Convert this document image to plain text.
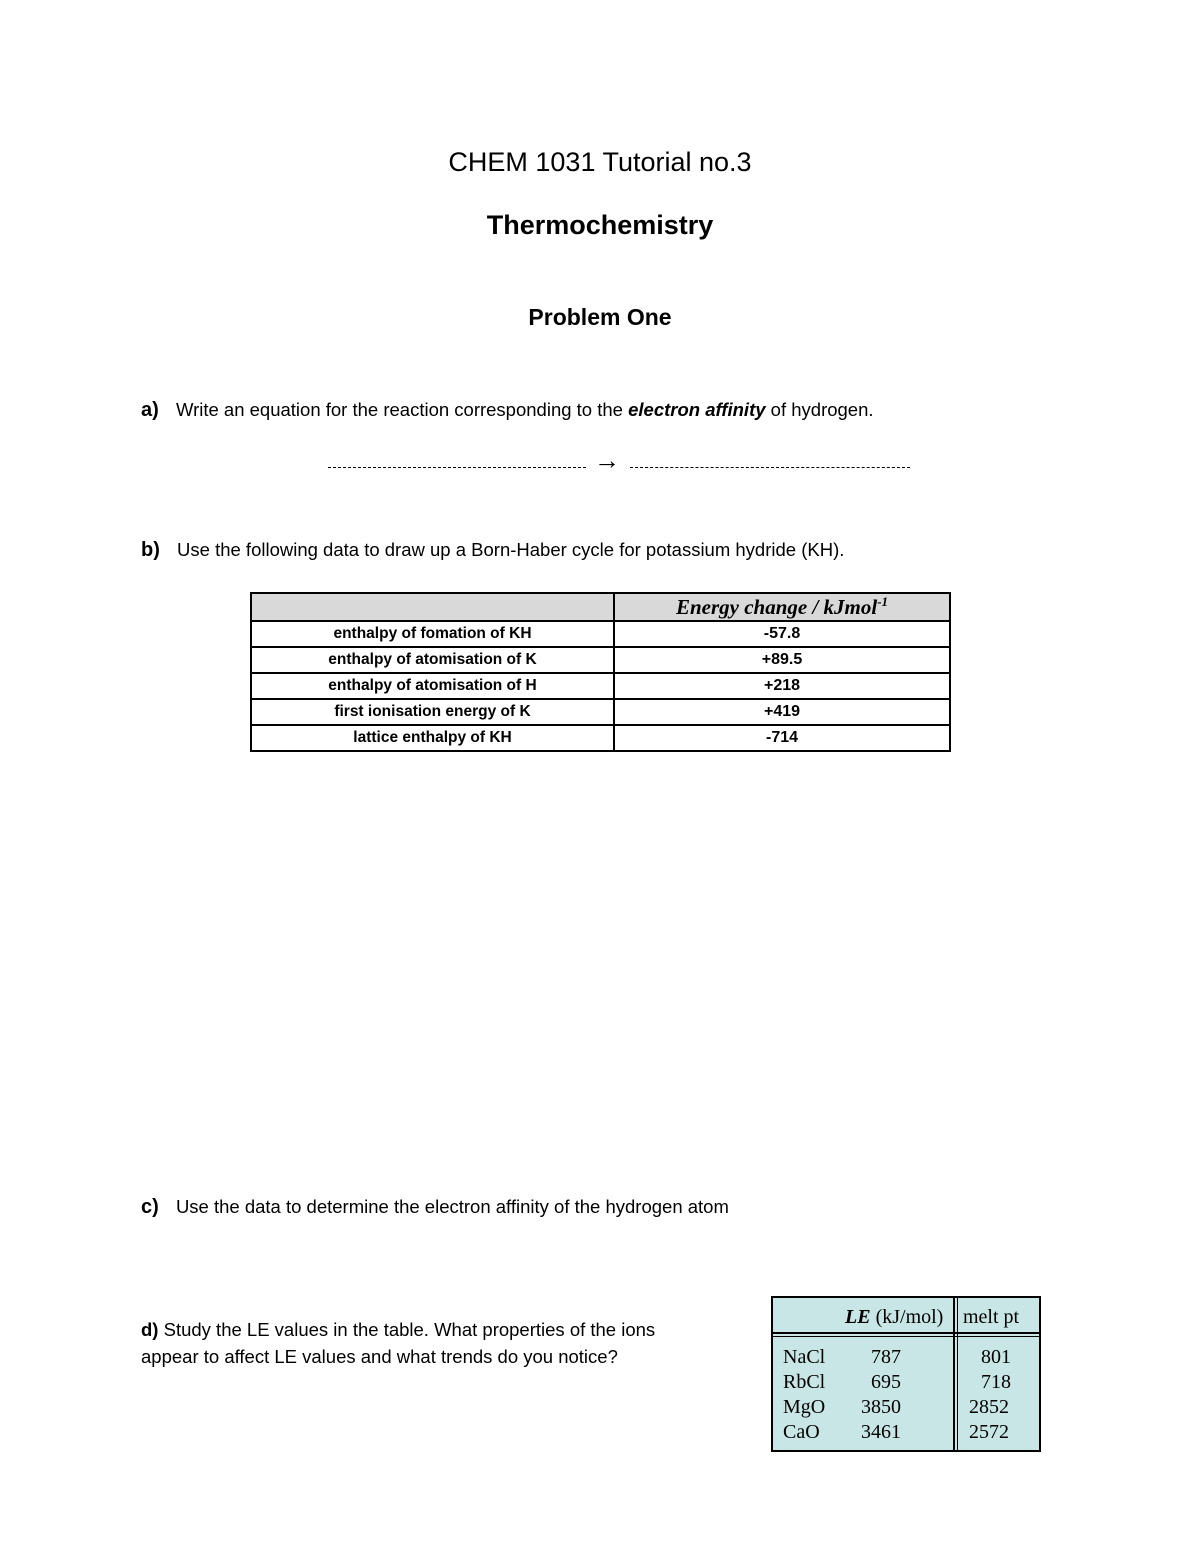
CHEM 1031 Tutorial no.3
Thermochemistry
Problem One
a) Write an equation for the reaction corresponding to the electron affinity of hydrogen.
→
b) Use the following data to draw up a Born-Haber cycle for potassium hydride (KH).
	Energy change / kJmol$^{-1}$
enthalpy of fomation of KH	-57.8
enthalpy of atomisation of K	+89.5
enthalpy of atomisation of H	+218
first ionisation energy of K	+419
lattice enthalpy of KH	-714
c) Use the data to determine the electron affinity of the hydrogen atom
d) Study the LE values in the table. What properties of the ions
appear to affect LE values and what trends do you notice?
LE (kJ/mol) melt pt
NaCl 787	801
RbCl 695	718
MgO 3850	2852
CaO 3461	2572
